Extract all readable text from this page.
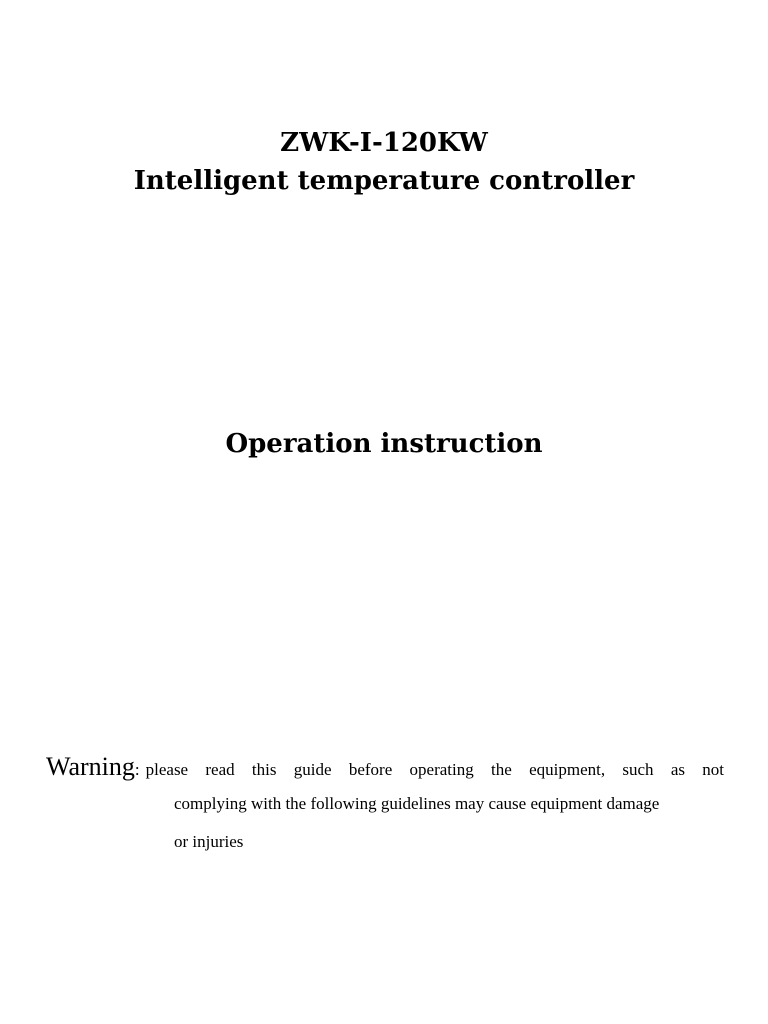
ZWK-I-120KW
Intelligent temperature controller
Operation instruction
Warning : please read this guide before operating the equipment, such as not
complying with the following guidelines may cause equipment damage
or injuries
